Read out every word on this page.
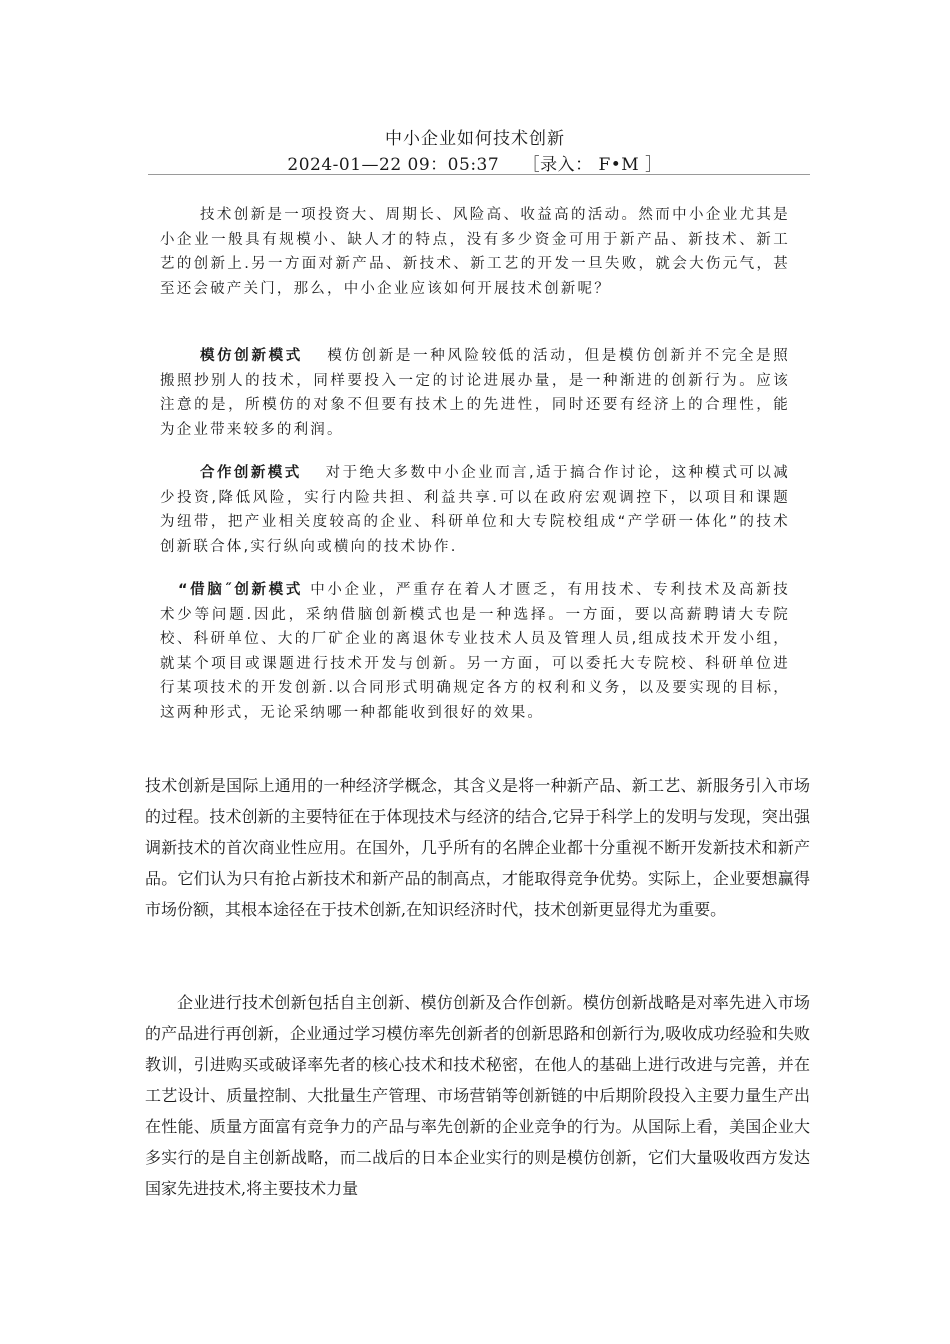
中小企业如何技术创新
2024-01—22 09：05:37　 ［录入： F•M ］

技术创新是一项投资大、周期长、风险高、收益高的活动。然而中小企业尤其是小企业一般具有规模小、缺人才的特点，没有多少资金可用于新产品、新技术、新工艺的创新上.另一方面对新产品、新技术、新工艺的开发一旦失败，就会大伤元气，甚至还会破产关门，那么，中小企业应该如何开展技术创新呢？

模仿创新模式　 模仿创新是一种风险较低的活动，但是模仿创新并不完全是照搬照抄别人的技术，同样要投入一定的讨论进展办量，是一种渐进的创新行为。应该注意的是，所模仿的对象不但要有技术上的先进性，同时还要有经济上的合理性，能为企业带来较多的利润。

合作创新模式　 对于绝大多数中小企业而言,适于搞合作讨论，这种模式可以减少投资,降低风险，实行内险共担、利益共享.可以在政府宏观调控下，以项目和课题为纽带，把产业相关度较高的企业、科研单位和大专院校组成“产学研一体化”的技术创新联合体,实行纵向或横向的技术协作.

“借脑˝创新模式 中小企业，严重存在着人才匮乏，有用技术、专利技术及高新技术少等问题.因此，采纳借脑创新模式也是一种选择。一方面，要以高薪聘请大专院校、科研单位、大的厂矿企业的离退休专业技术人员及管理人员,组成技术开发小组，就某个项目或课题进行技术开发与创新。另一方面，可以委托大专院校、科研单位进行某项技术的开发创新.以合同形式明确规定各方的权利和义务，以及要实现的目标，这两种形式，无论采纳哪一种都能收到很好的效果。

技术创新是国际上通用的一种经济学概念，其含义是将一种新产品、新工艺、新服务引入市场的过程。技术创新的主要特征在于体现技术与经济的结合,它异于科学上的发明与发现，突出强调新技术的首次商业性应用。在国外，几乎所有的名牌企业都十分重视不断开发新技术和新产品。它们认为只有抢占新技术和新产品的制高点，才能取得竞争优势。实际上，企业要想赢得市场份额，其根本途径在于技术创新,在知识经济时代，技术创新更显得尤为重要。

企业进行技术创新包括自主创新、模仿创新及合作创新。模仿创新战略是对率先进入市场的产品进行再创新，企业通过学习模仿率先创新者的创新思路和创新行为,吸收成功经验和失败教训，引进购买或破译率先者的核心技术和技术秘密，在他人的基础上进行改进与完善，并在工艺设计、质量控制、大批量生产管理、市场营销等创新链的中后期阶段投入主要力量生产出在性能、质量方面富有竞争力的产品与率先创新的企业竞争的行为。从国际上看，美国企业大多实行的是自主创新战略，而二战后的日本企业实行的则是模仿创新，它们大量吸收西方发达国家先进技术,将主要技术力量
